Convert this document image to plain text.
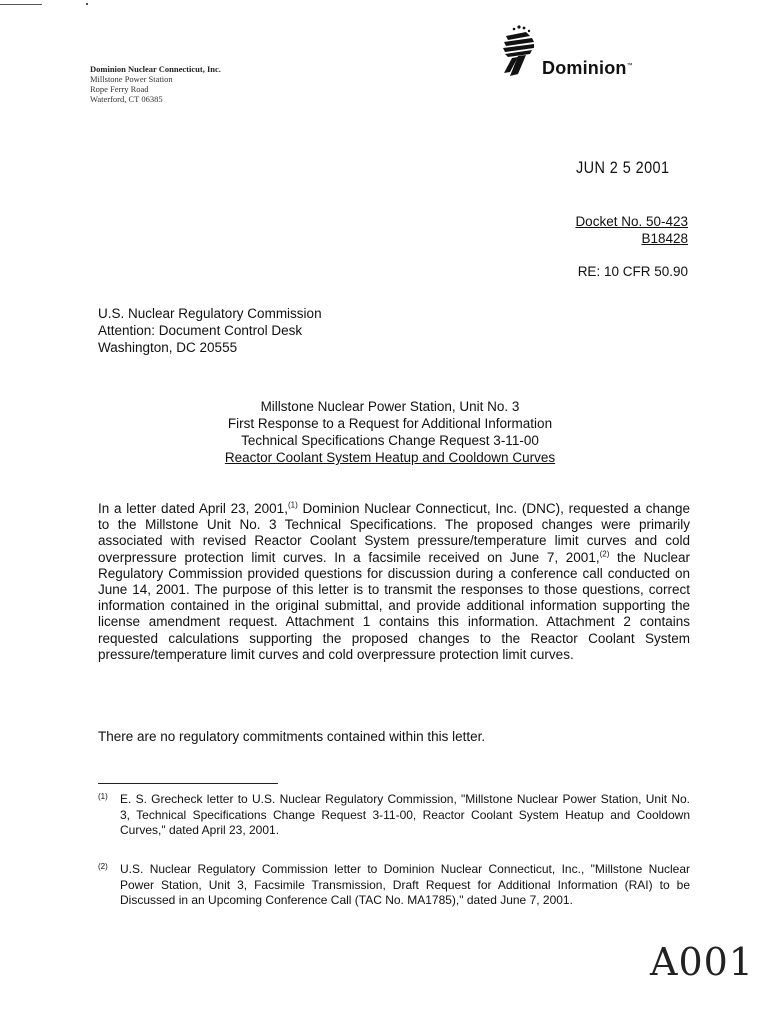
Dominion Nuclear Connecticut, Inc.
Millstone Power Station
Rope Ferry Road
Waterford, CT 06385
Dominion™
JUN 2 5 2001
Docket No. 50-423
B18428
RE: 10 CFR 50.90
U.S. Nuclear Regulatory Commission
Attention: Document Control Desk
Washington, DC 20555
Millstone Nuclear Power Station, Unit No. 3
First Response to a Request for Additional Information
Technical Specifications Change Request 3-11-00
Reactor Coolant System Heatup and Cooldown Curves
In a letter dated April 23, 2001,$^{(1)}$ Dominion Nuclear Connecticut, Inc. (DNC), requested a change to the Millstone Unit No. 3 Technical Specifications. The proposed changes were primarily associated with revised Reactor Coolant System pressure/temperature limit curves and cold overpressure protection limit curves. In a facsimile received on June 7, 2001,$^{(2)}$ the Nuclear Regulatory Commission provided questions for discussion during a conference call conducted on June 14, 2001. The purpose of this letter is to transmit the responses to those questions, correct information contained in the original submittal, and provide additional information supporting the license amendment request. Attachment 1 contains this information. Attachment 2 contains requested calculations supporting the proposed changes to the Reactor Coolant System pressure/temperature limit curves and cold overpressure protection limit curves.
There are no regulatory commitments contained within this letter.
(1) E. S. Grecheck letter to U.S. Nuclear Regulatory Commission, "Millstone Nuclear Power Station, Unit No. 3, Technical Specifications Change Request 3-11-00, Reactor Coolant System Heatup and Cooldown Curves," dated April 23, 2001.
(2) U.S. Nuclear Regulatory Commission letter to Dominion Nuclear Connecticut, Inc., "Millstone Nuclear Power Station, Unit 3, Facsimile Transmission, Draft Request for Additional Information (RAI) to be Discussed in an Upcoming Conference Call (TAC No. MA1785)," dated June 7, 2001.
A001
